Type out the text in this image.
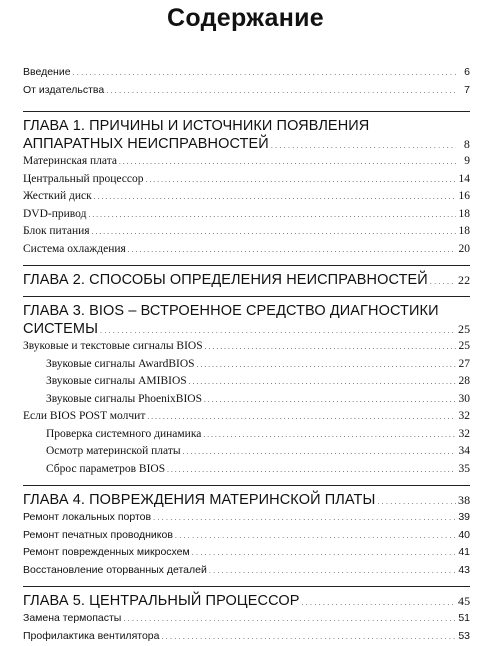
Содержание
Введение . . .	6
От издательства . . .	7
ГЛАВА 1. ПРИЧИНЫ И ИСТОЧНИКИ ПОЯВЛЕНИЯ
АППАРАТНЫХ НЕИСПРАВНОСТЕЙ . . .	8
Материнская плата . . .	9
Центральный процессор . . .	14
Жесткий диск . . .	16
DVD-привод . . .	18
Блок питания . . .	18
Система охлаждения . . .	20
ГЛАВА 2. СПОСОБЫ ОПРЕДЕЛЕНИЯ НЕИСПРАВНОСТЕЙ . . .	22
ГЛАВА 3. BIOS – ВСТРОЕННОЕ СРЕДСТВО ДИАГНОСТИКИ
СИСТЕМЫ . . .	25
Звуковые и текстовые сигналы BIOS . . .	25
Звуковые сигналы AwardBIOS . . .	27
Звуковые сигналы AMIBIOS . . .	28
Звуковые сигналы PhoenixBIOS . . .	30
Если BIOS POST молчит . . .	32
Проверка системного динамика . . .	32
Осмотр материнской платы . . .	34
Сброс параметров BIOS . . .	35
ГЛАВА 4. ПОВРЕЖДЕНИЯ МАТЕРИНСКОЙ ПЛАТЫ . . .	38
Ремонт локальных портов . . .	39
Ремонт печатных проводников . . .	40
Ремонт поврежденных микросхем . . .	41
Восстановление оторванных деталей . . .	43
ГЛАВА 5. ЦЕНТРАЛЬНЫЙ ПРОЦЕССОР . . .	45
Замена термопасты . . .	51
Профилактика вентилятора . . .	53
